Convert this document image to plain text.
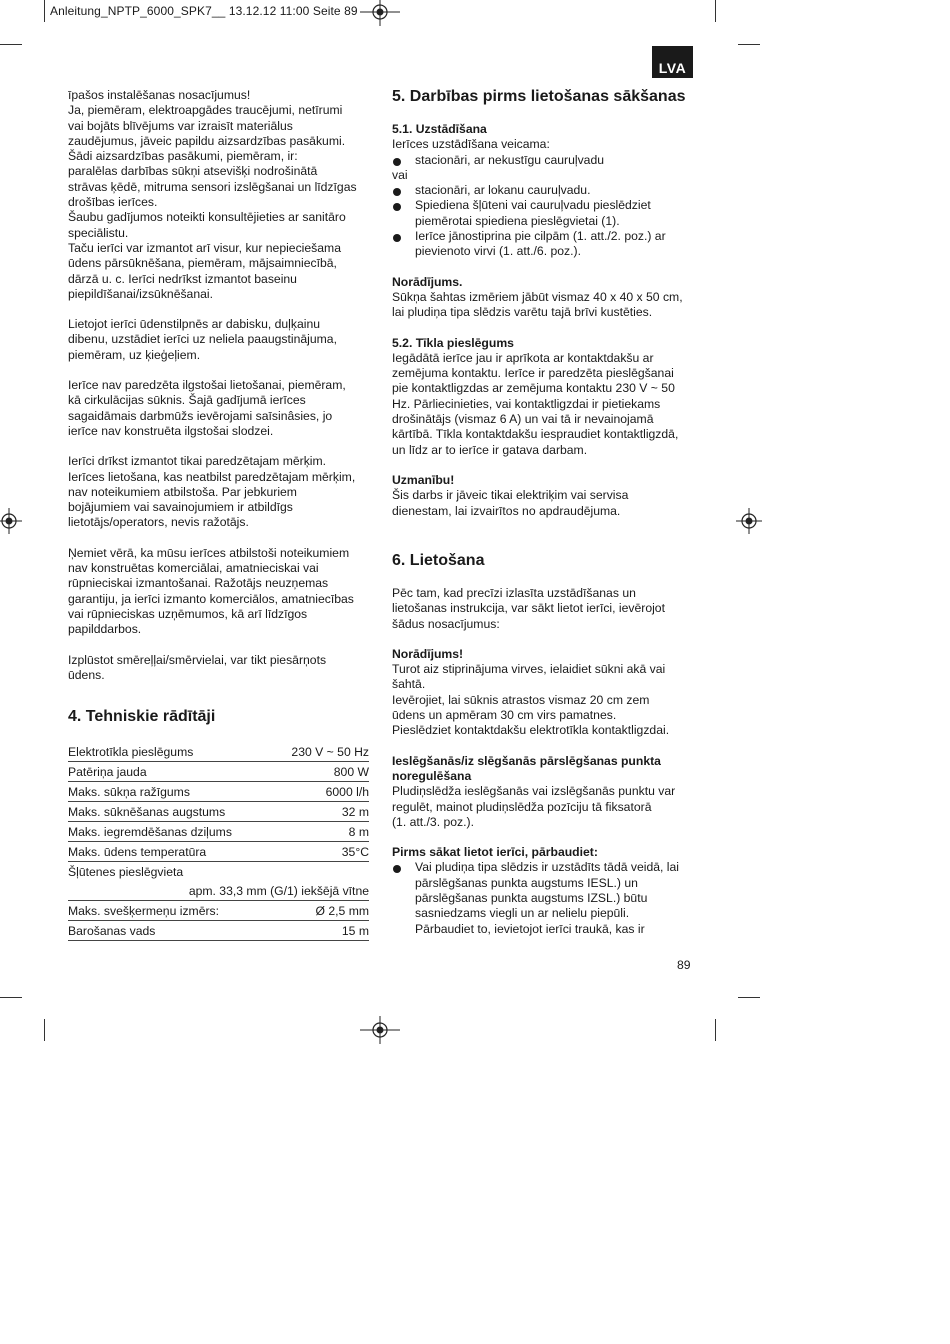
Anleitung_NPTP_6000_SPK7__ 13.12.12 11:00 Seite 89
LVA

īpašos instalēšanas nosacījumus!
Ja, piemēram, elektroapgādes traucējumi, netīrumi
vai bojāts blīvējums var izraisīt materiālus
zaudējumus, jāveic papildu aizsardzības pasākumi.
Šādi aizsardzības pasākumi, piemēram, ir:
paralēlas darbības sūkņi atsevišķi nodrošinātā
strāvas ķēdē, mitruma sensori izslēgšanai un līdzīgas
drošības ierīces.
Šaubu gadījumos noteikti konsultējieties ar sanitāro
speciālistu.
Taču ierīci var izmantot arī visur, kur nepieciešama
ūdens pārsūknēšana, piemēram, mājsaimniecībā,
dārzā u. c. Ierīci nedrīkst izmantot baseinu
piepildīšanai/izsūknēšanai.

Lietojot ierīci ūdenstilpnēs ar dabisku, duļķainu
dibenu, uzstādiet ierīci uz neliela paaugstinājuma,
piemēram, uz ķieģeļiem.

Ierīce nav paredzēta ilgstošai lietošanai, piemēram,
kā cirkulācijas sūknis. Šajā gadījumā ierīces
sagaidāmais darbmūžs ievērojami saīsinâsies, jo
ierīce nav konstruēta ilgstošai slodzei.

Ierīci drīkst izmantot tikai paredzētajam mērķim.
Ierīces lietošana, kas neatbilst paredzētajam mērķim,
nav noteikumiem atbilstoša. Par jebkuriem
bojājumiem vai savainojumiem ir atbildīgs
lietotājs/operators, nevis ražotājs.

Ņemiet vērā, ka mūsu ierīces atbilstoši noteikumiem
nav konstruētas komerciālai, amatnieciskai vai
rūpnieciskai izmantošanai. Ražotājs neuzņemas
garantiju, ja ierīci izmanto komerciālos, amatniecības
vai rūpnieciskas uzņēmumos, kā arī līdzīgos
papilddarbos.

Izplūstot smēreļļai/smērvielai, var tikt piesārņots
ūdens.

4. Tehniskie rādītāji
Elektrotīkla pieslēgums	230 V ~ 50 Hz
Patēriņa jauda	800 W
Maks. sūkņa ražīgums	6000 l/h
Maks. sūknēšanas augstums	32 m
Maks. iegremdēšanas dziļums	8 m
Maks. ūdens temperatūra	35°C
Šļūtenes pieslēgvieta	
apm. 33,3 mm (G/1) iekšējā vītne	
Maks. svešķermeņu izmērs:	Ø 2,5 mm
Barošanas vads	15 m
5. Darbības pirms lietošanas sākšanas

5.1. Uzstādīšana

Ierīces uzstādīšana veicama:

stacionāri, ar nekustīgu cauruļvadu

vai

stacionāri, ar lokanu cauruļvadu.
Spiediena šļūteni vai cauruļvadu pieslēdziet
piemērotai spiediena pieslēgvietai (1).
Ierīce jānostiprina pie cilpām (1. att./2. poz.) ar
pievienoto virvi (1. att./6. poz.).

Norādījums.

Sūkņa šahtas izmēriem jābūt vismaz 40 x 40 x 50 cm,
lai pludiņa tipa slēdzis varētu tajā brīvi kustēties.

5.2. Tīkla pieslēgums

Iegādātā ierīce jau ir aprīkota ar kontaktdakšu ar
zemējuma kontaktu. Ierīce ir paredzēta pieslēgšanai
pie kontaktligzdas ar zemējuma kontaktu 230 V ~ 50
Hz. Pārliecinieties, vai kontaktligzdai ir pietiekams
drošinātājs (vismaz 6 A) un vai tā ir nevainojamā
kārtībā. Tīkla kontaktdakšu iespraudiet kontaktligzdā,
un līdz ar to ierīce ir gatava darbam.

Uzmanību!

Šis darbs ir jāveic tikai elektriķim vai servisa
dienestam, lai izvairītos no apdraudējuma.

6. Lietošana

Pēc tam, kad precīzi izlasīta uzstādīšanas un
lietošanas instrukcija, var sākt lietot ierīci, ievērojot
šādus nosacījumus:

Norādījums!

Turot aiz stiprinājuma virves, ielaidiet sūkni akā vai
šahtā.
Ievērojiet, lai sūknis atrastos vismaz 20 cm zem
ūdens un apmēram 30 cm virs pamatnes.
Pieslēdziet kontaktdakšu elektrotīkla kontaktligzdai.

Ieslēgšanās/iz slēgšanās pārslēgšanas punkta
noregulēšana

Pludiņslēdža ieslēgšanās vai izslēgšanās punktu var
regulēt, mainot pludiņslēdža pozīciju tā fiksatorā
(1. att./3. poz.).

Pirms sākat lietot ierīci, pārbaudiet:

Vai pludiņa tipa slēdzis ir uzstādīts tādā veidā, lai
pārslēgšanas punkta augstums IESL.) un
pārslēgšanas punkta augstums IZSL.) būtu
sasniedzams viegli un ar nelielu piepūli.
Pārbaudiet to, ievietojot ierīci traukā, kas ir
89
